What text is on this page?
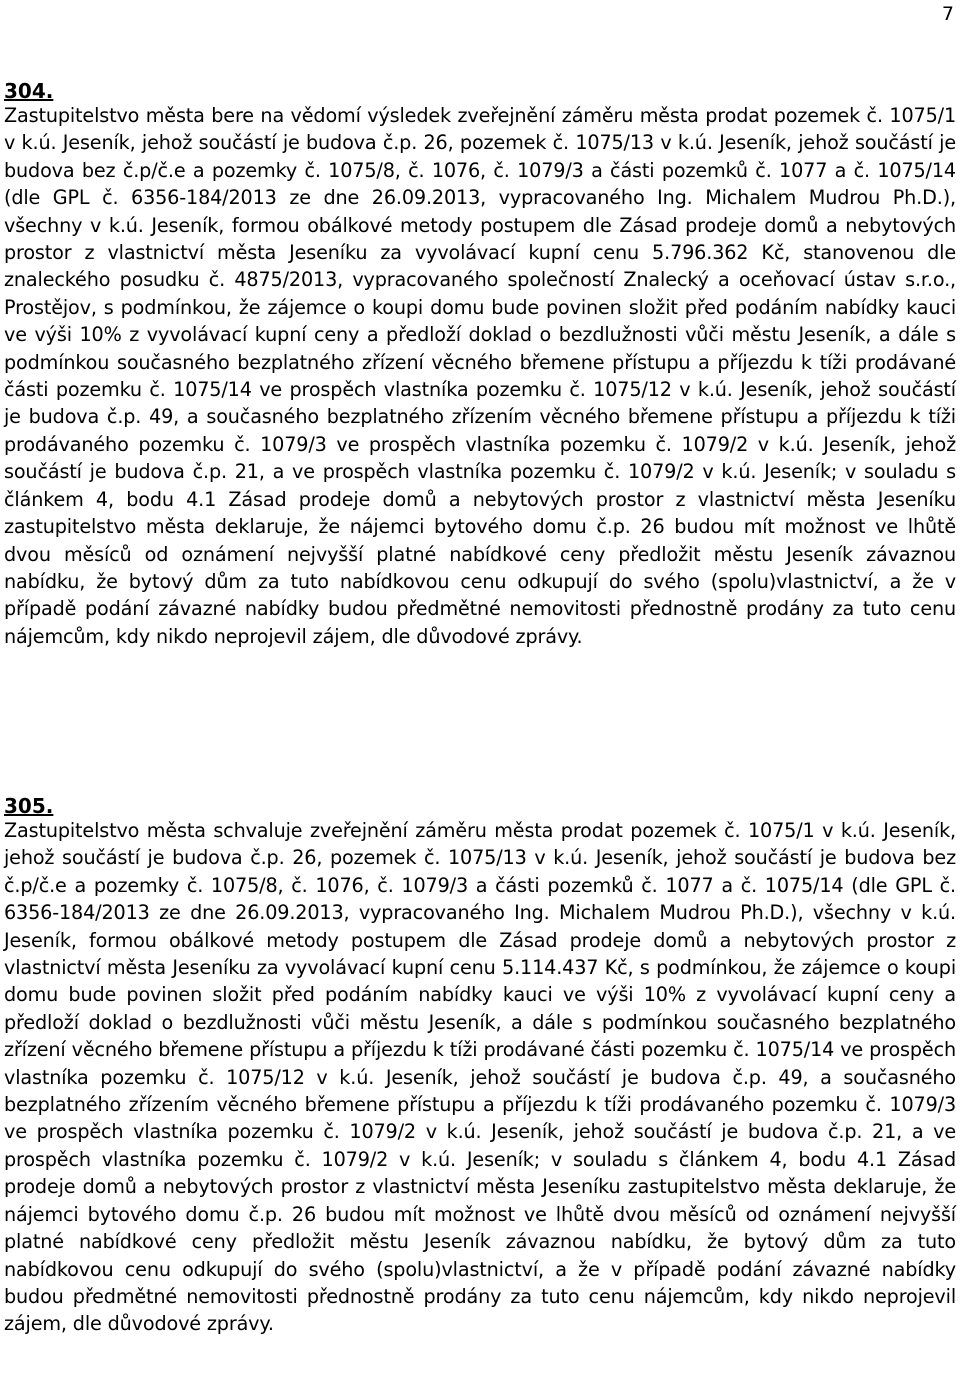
7

304.

Zastupitelstvo města bere na vědomí výsledek zveřejnění záměru města prodat pozemek č. 1075/1 v k.ú. Jeseník, jehož součástí je budova č.p. 26, pozemek č. 1075/13 v k.ú. Jeseník, jehož součástí je budova bez č.p/č.e a pozemky č. 1075/8, č. 1076, č. 1079/3 a části pozemků č. 1077 a č. 1075/14 (dle GPL č. 6356-184/2013 ze dne 26.09.2013, vypracovaného Ing. Michalem Mudrou Ph.D.), všechny v k.ú. Jeseník, formou obálkové metody postupem dle Zásad prodeje domů a nebytových prostor z vlastnictví města Jeseníku za vyvolávací kupní cenu 5.796.362 Kč, stanovenou dle znaleckého posudku č. 4875/2013, vypracovaného společností Znalecký a oceňovací ústav s.r.o., Prostějov, s podmínkou, že zájemce o koupi domu bude povinen složit před podáním nabídky kauci ve výši 10% z vyvolávací kupní ceny a předloží doklad o bezdlužnosti vůči městu Jeseník, a dále s podmínkou současného bezplatného zřízení věcného břemene přístupu a příjezdu k tíži prodávané části pozemku č. 1075/14 ve prospěch vlastníka pozemku č. 1075/12 v k.ú. Jeseník, jehož součástí je budova č.p. 49, a současného bezplatného zřízením věcného břemene přístupu a příjezdu k tíži prodávaného pozemku č. 1079/3 ve prospěch vlastníka pozemku č. 1079/2 v k.ú. Jeseník, jehož součástí je budova č.p. 21, a ve prospěch vlastníka pozemku č. 1079/2 v k.ú. Jeseník; v souladu s článkem 4, bodu 4.1 Zásad prodeje domů a nebytových prostor z vlastnictví města Jeseníku zastupitelstvo města deklaruje, že nájemci bytového domu č.p. 26 budou mít možnost ve lhůtě dvou měsíců od oznámení nejvyšší platné nabídkové ceny předložit městu Jeseník závaznou nabídku, že bytový dům za tuto nabídkovou cenu odkupují do svého (spolu)vlastnictví, a že v případě podání závazné nabídky budou předmětné nemovitosti přednostně prodány za tuto cenu nájemcům, kdy nikdo neprojevil zájem, dle důvodové zprávy.

305.

Zastupitelstvo města schvaluje zveřejnění záměru města prodat pozemek č. 1075/1 v k.ú. Jeseník, jehož součástí je budova č.p. 26, pozemek č. 1075/13 v k.ú. Jeseník, jehož součástí je budova bez č.p/č.e a pozemky č. 1075/8, č. 1076, č. 1079/3 a části pozemků č. 1077 a č. 1075/14 (dle GPL č. 6356-184/2013 ze dne 26.09.2013, vypracovaného Ing. Michalem Mudrou Ph.D.), všechny v k.ú. Jeseník, formou obálkové metody postupem dle Zásad prodeje domů a nebytových prostor z vlastnictví města Jeseníku za vyvolávací kupní cenu 5.114.437 Kč, s podmínkou, že zájemce o koupi domu bude povinen složit před podáním nabídky kauci ve výši 10% z vyvolávací kupní ceny a předloží doklad o bezdlužnosti vůči městu Jeseník, a dále s podmínkou současného bezplatného zřízení věcného břemene přístupu a příjezdu k tíži prodávané části pozemku č. 1075/14 ve prospěch vlastníka pozemku č. 1075/12 v k.ú. Jeseník, jehož součástí je budova č.p. 49, a současného bezplatného zřízením věcného břemene přístupu a příjezdu k tíži prodávaného pozemku č. 1079/3 ve prospěch vlastníka pozemku č. 1079/2 v k.ú. Jeseník, jehož součástí je budova č.p. 21, a ve prospěch vlastníka pozemku č. 1079/2 v k.ú. Jeseník; v souladu s článkem 4, bodu 4.1 Zásad prodeje domů a nebytových prostor z vlastnictví města Jeseníku zastupitelstvo města deklaruje, že nájemci bytového domu č.p. 26 budou mít možnost ve lhůtě dvou měsíců od oznámení nejvyšší platné nabídkové ceny předložit městu Jeseník závaznou nabídku, že bytový dům za tuto nabídkovou cenu odkupují do svého (spolu)vlastnictví, a že v případě podání závazné nabídky budou předmětné nemovitosti přednostně prodány za tuto cenu nájemcům, kdy nikdo neprojevil zájem, dle důvodové zprávy.
